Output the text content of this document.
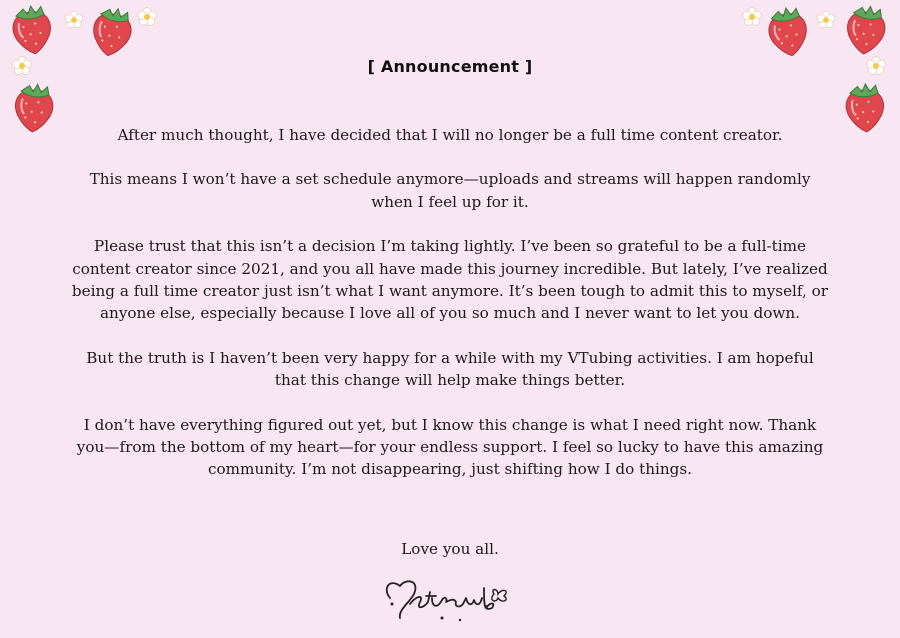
[ Announcement ]

After much thought, I have decided that I will no longer be a full time content creator.

This means I won’t have a set schedule anymore—uploads and streams will happen randomly when I feel up for it.

Please trust that this isn’t a decision I’m taking lightly. I’ve been so grateful to be a full-time content creator since 2021, and you all have made this journey incredible. But lately, I’ve realized being a full time creator just isn’t what I want anymore. It’s been tough to admit this to myself, or anyone else, especially because I love all of you so much and I never want to let you down.

But the truth is I haven’t been very happy for a while with my VTubing activities. I am hopeful that this change will help make things better.

I don’t have everything figured out yet, but I know this change is what I need right now. Thank you—from the bottom of my heart—for your endless support. I feel so lucky to have this amazing community. I’m not disappearing, just shifting how I do things.

Love you all.
